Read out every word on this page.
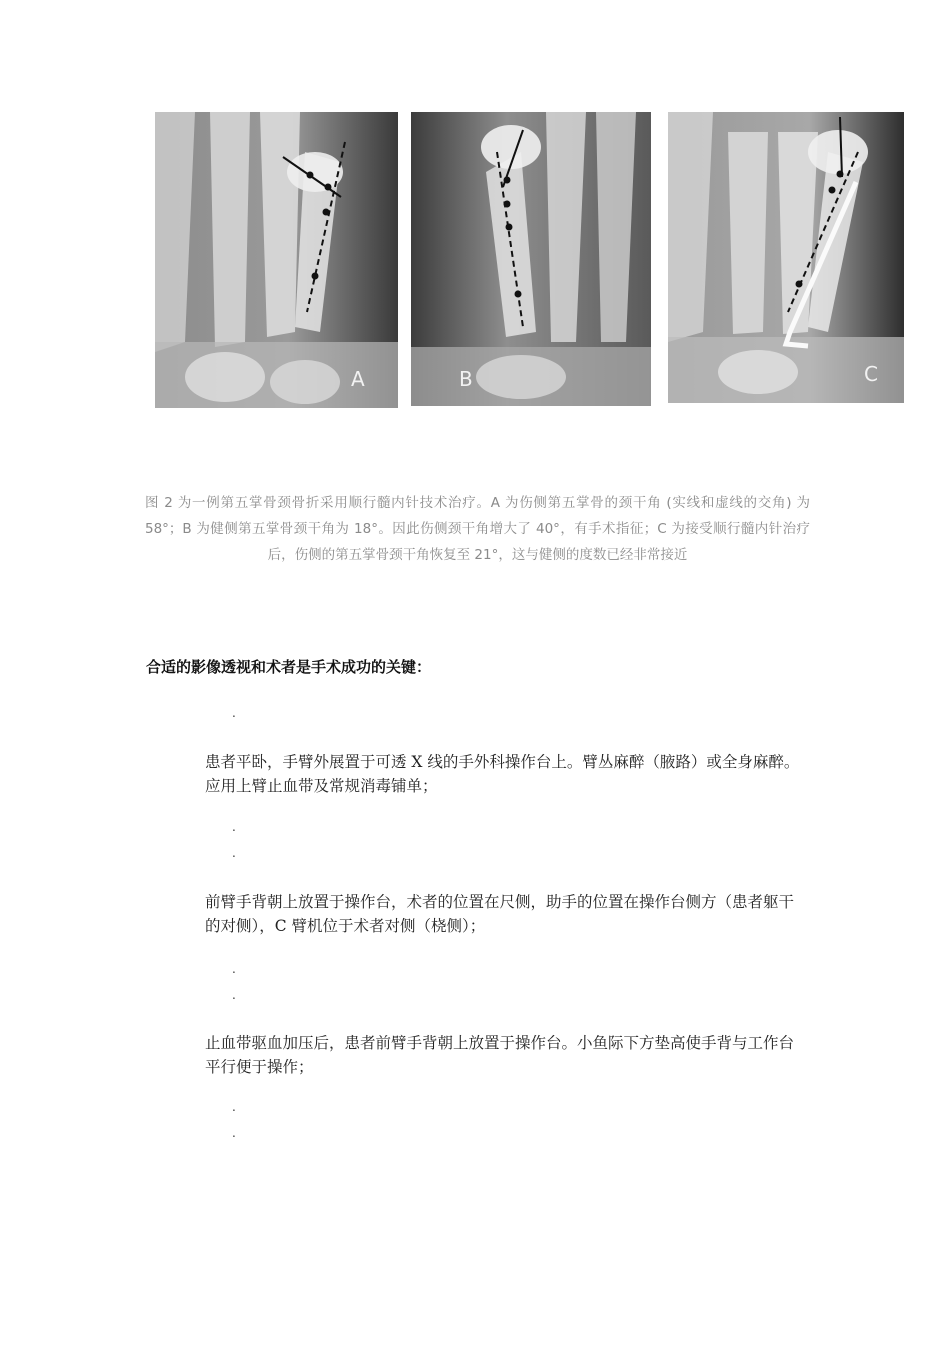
A	B	C
图 2 为一例第五掌骨颈骨折采用顺行髓内针技术治疗。A 为伤侧第五掌骨的颈干角 (实线和虚线的交角) 为 58°；B 为健侧第五掌骨颈干角为 18°。因此伤侧颈干角增大了 40°，有手术指征；C 为接受顺行髓内针治疗后，伤侧的第五掌骨颈干角恢复至 21°，这与健侧的度数已经非常接近
合适的影像透视和术者是手术成功的关键：
.
患者平卧，手臂外展置于可透 X 线的手外科操作台上。臂丛麻醉（腋路）或全身麻醉。应用上臂止血带及常规消毒铺单；
.
.
前臂手背朝上放置于操作台，术者的位置在尺侧，助手的位置在操作台侧方（患者躯干的对侧），C 臂机位于术者对侧（桡侧）；
.
.
止血带驱血加压后，患者前臂手背朝上放置于操作台。小鱼际下方垫高使手背与工作台平行便于操作；
.
.
